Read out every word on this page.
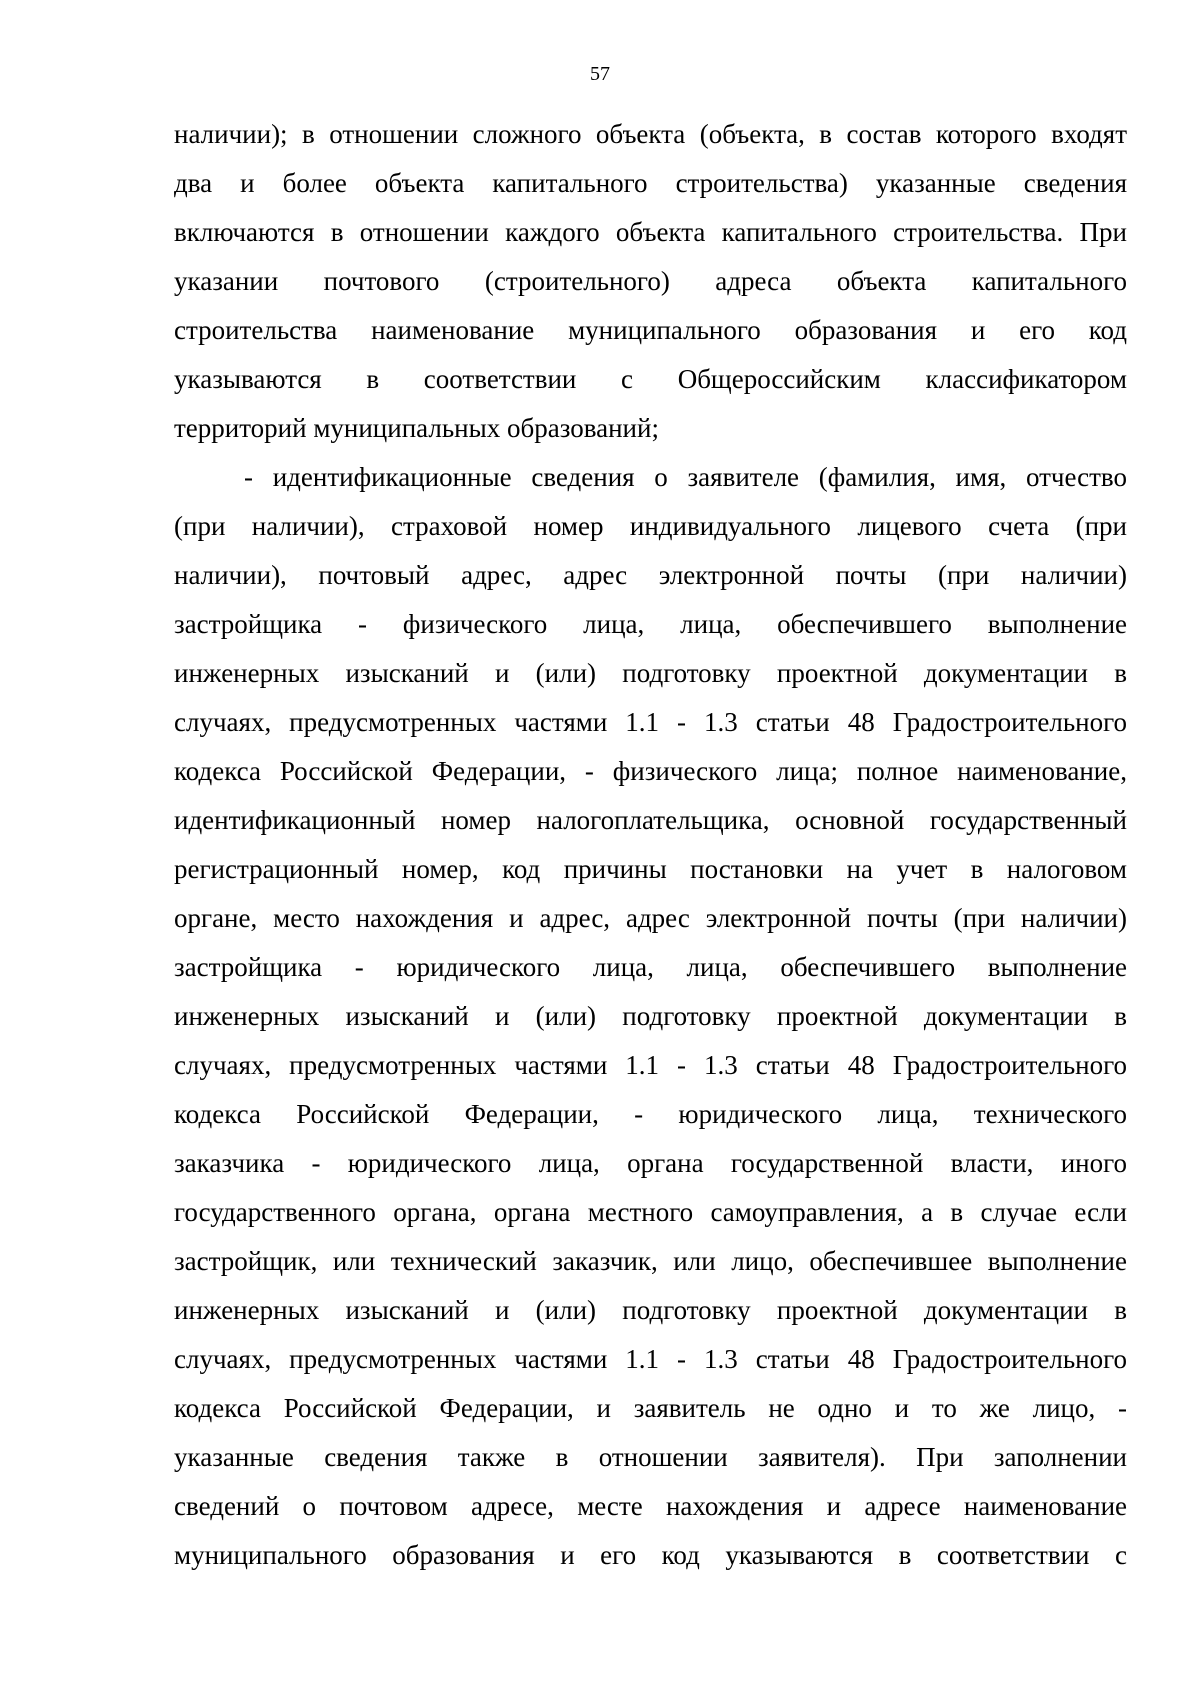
57

наличии); в отношении сложного объекта (объекта, в состав которого входят
два и более объекта капитального строительства) указанные сведения
включаются в отношении каждого объекта капитального строительства. При
указании почтового (строительного) адреса объекта капитального
строительства наименование муниципального образования и его код
указываются в соответствии с Общероссийским классификатором
территорий муниципальных образований;

- идентификационные сведения о заявителе (фамилия, имя, отчество
(при наличии), страховой номер индивидуального лицевого счета (при
наличии), почтовый адрес, адрес электронной почты (при наличии)
застройщика - физического лица, лица, обеспечившего выполнение
инженерных изысканий и (или) подготовку проектной документации в
случаях, предусмотренных частями 1.1 - 1.3 статьи 48 Градостроительного
кодекса Российской Федерации, - физического лица; полное наименование,
идентификационный номер налогоплательщика, основной государственный
регистрационный номер, код причины постановки на учет в налоговом
органе, место нахождения и адрес, адрес электронной почты (при наличии)
застройщика - юридического лица, лица, обеспечившего выполнение
инженерных изысканий и (или) подготовку проектной документации в
случаях, предусмотренных частями 1.1 - 1.3 статьи 48 Градостроительного
кодекса Российской Федерации, - юридического лица, технического
заказчика - юридического лица, органа государственной власти, иного
государственного органа, органа местного самоуправления, а в случае если
застройщик, или технический заказчик, или лицо, обеспечившее выполнение
инженерных изысканий и (или) подготовку проектной документации в
случаях, предусмотренных частями 1.1 - 1.3 статьи 48 Градостроительного
кодекса Российской Федерации, и заявитель не одно и то же лицо, -
указанные сведения также в отношении заявителя). При заполнении
сведений о почтовом адресе, месте нахождения и адресе наименование
муниципального образования и его код указываются в соответствии с
